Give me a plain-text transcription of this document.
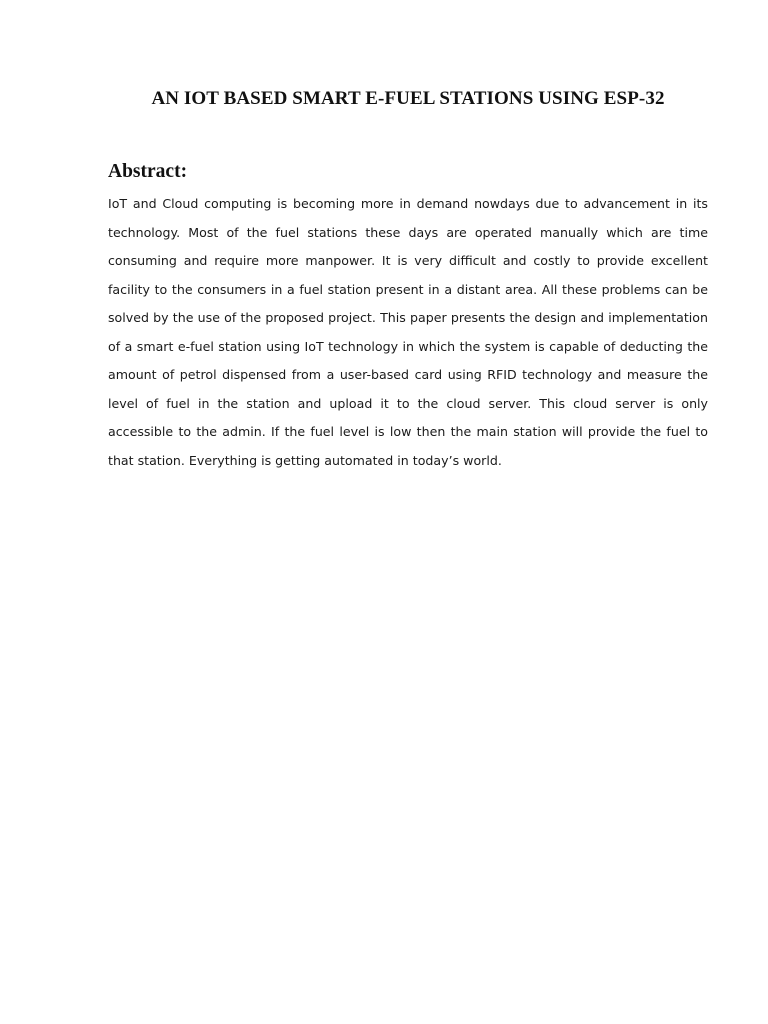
AN IOT BASED SMART E-FUEL STATIONS USING ESP-32
Abstract:

IoT and Cloud computing is becoming more in demand nowdays due to advancement in its technology. Most of the fuel stations these days are operated manually which are time consuming and require more manpower. It is very difficult and costly to provide excellent facility to the consumers in a fuel station present in a distant area. All these problems can be solved by the use of the proposed project. This paper presents the design and implementation of a smart e-fuel station using IoT technology in which the system is capable of deducting the amount of petrol dispensed from a user-based card using RFID technology and measure the level of fuel in the station and upload it to the cloud server. This cloud server is only accessible to the admin. If the fuel level is low then the main station will provide the fuel to that station. Everything is getting automated in today’s world.
